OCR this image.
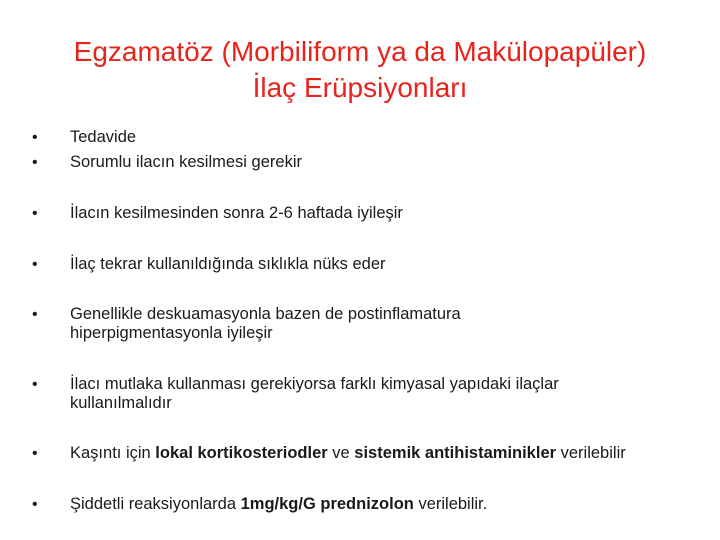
Egzamatöz (Morbiliform ya da Makülopapüler)
İlaç Erüpsiyonları
•	Tedavide
•	Sorumlu ilacın kesilmesi gerekir
•	İlacın kesilmesinden sonra 2-6 haftada iyileşir
•	İlaç tekrar kullanıldığında sıklıkla nüks eder
•	Genellikle deskuamasyonla bazen de postinflamatura hiperpigmentasyonla iyileşir
•	İlacı mutlaka kullanması gerekiyorsa farklı kimyasal yapıdaki ilaçlar kullanılmalıdır
•	Kaşıntı için lokal kortikosteriodler ve sistemik antihistaminikler verilebilir
•	Şiddetli reaksiyonlarda 1mg/kg/G prednizolon verilebilir.
